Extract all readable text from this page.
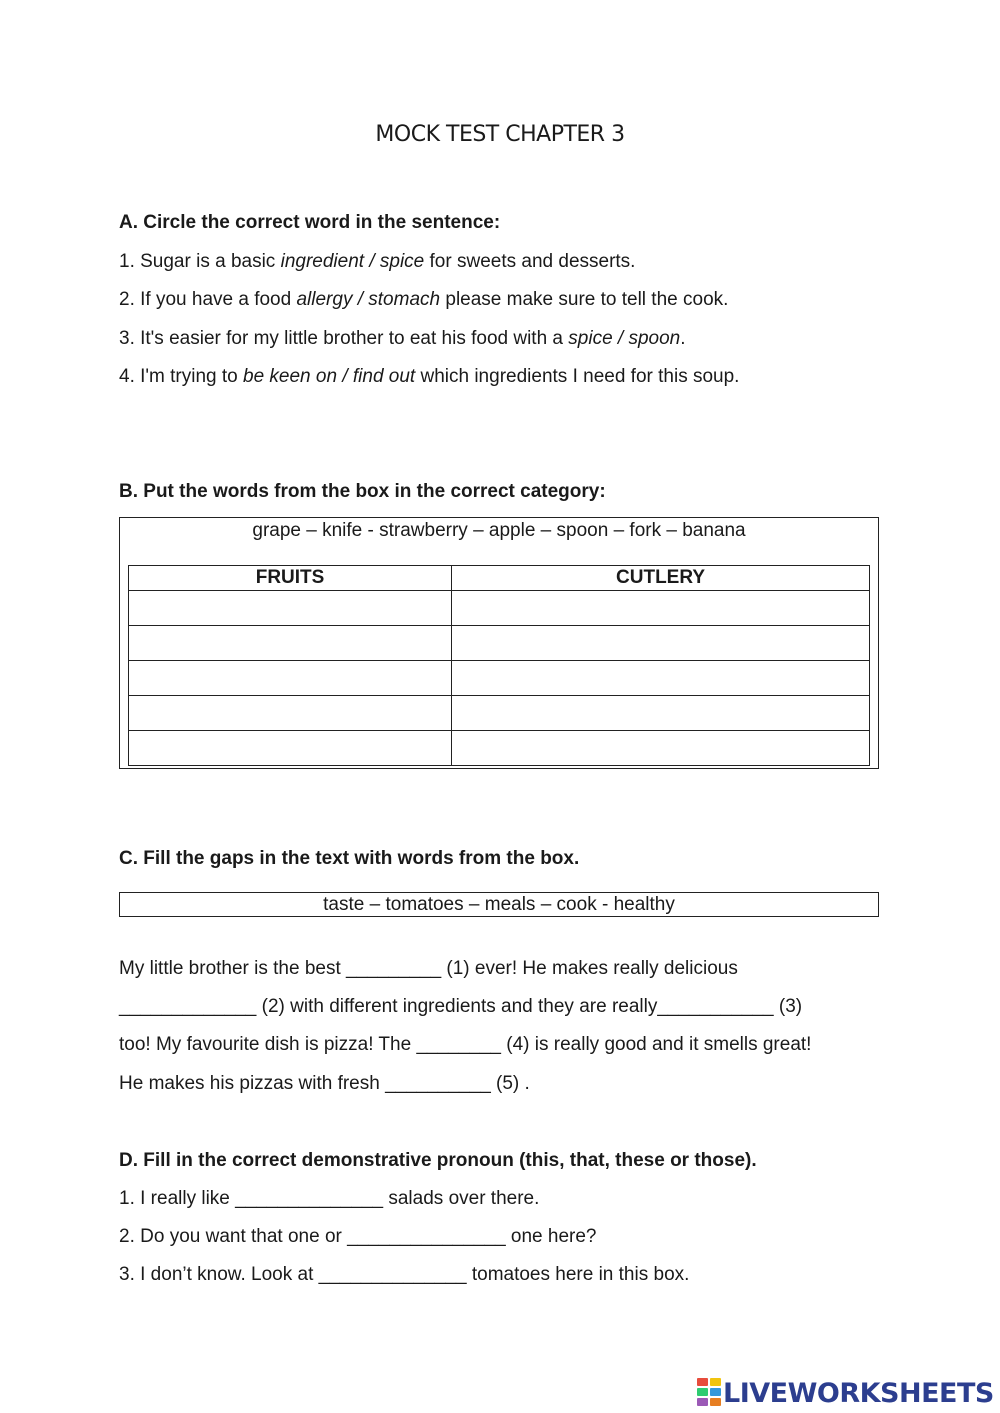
MOCK TEST CHAPTER 3
A. Circle the correct word in the sentence:
1. Sugar is a basic ingredient / spice for sweets and desserts.
2. If you have a food allergy / stomach please make sure to tell the cook.
3. It's easier for my little brother to eat his food with a spice / spoon.
4. I'm trying to be keen on / find out which ingredients I need for this soup.
B. Put the words from the box in the correct category:
grape – knife - strawberry – apple – spoon – fork – banana
FRUITS	CUTLERY

C. Fill the gaps in the text with words from the box.
taste – tomatoes – meals – cook - healthy
My little brother is the best _________ (1) ever! He makes really delicious
_____________ (2) with different ingredients and they are really___________ (3)
too! My favourite dish is pizza! The ________ (4) is really good and it smells great!
He makes his pizzas with fresh __________ (5) .
D. Fill in the correct demonstrative pronoun (this, that, these or those).
1. I really like ______________ salads over there.
2. Do you want that one or _______________ one here?
3. I don’t know. Look at ______________ tomatoes here in this box.
LIVEWORKSHEETS
